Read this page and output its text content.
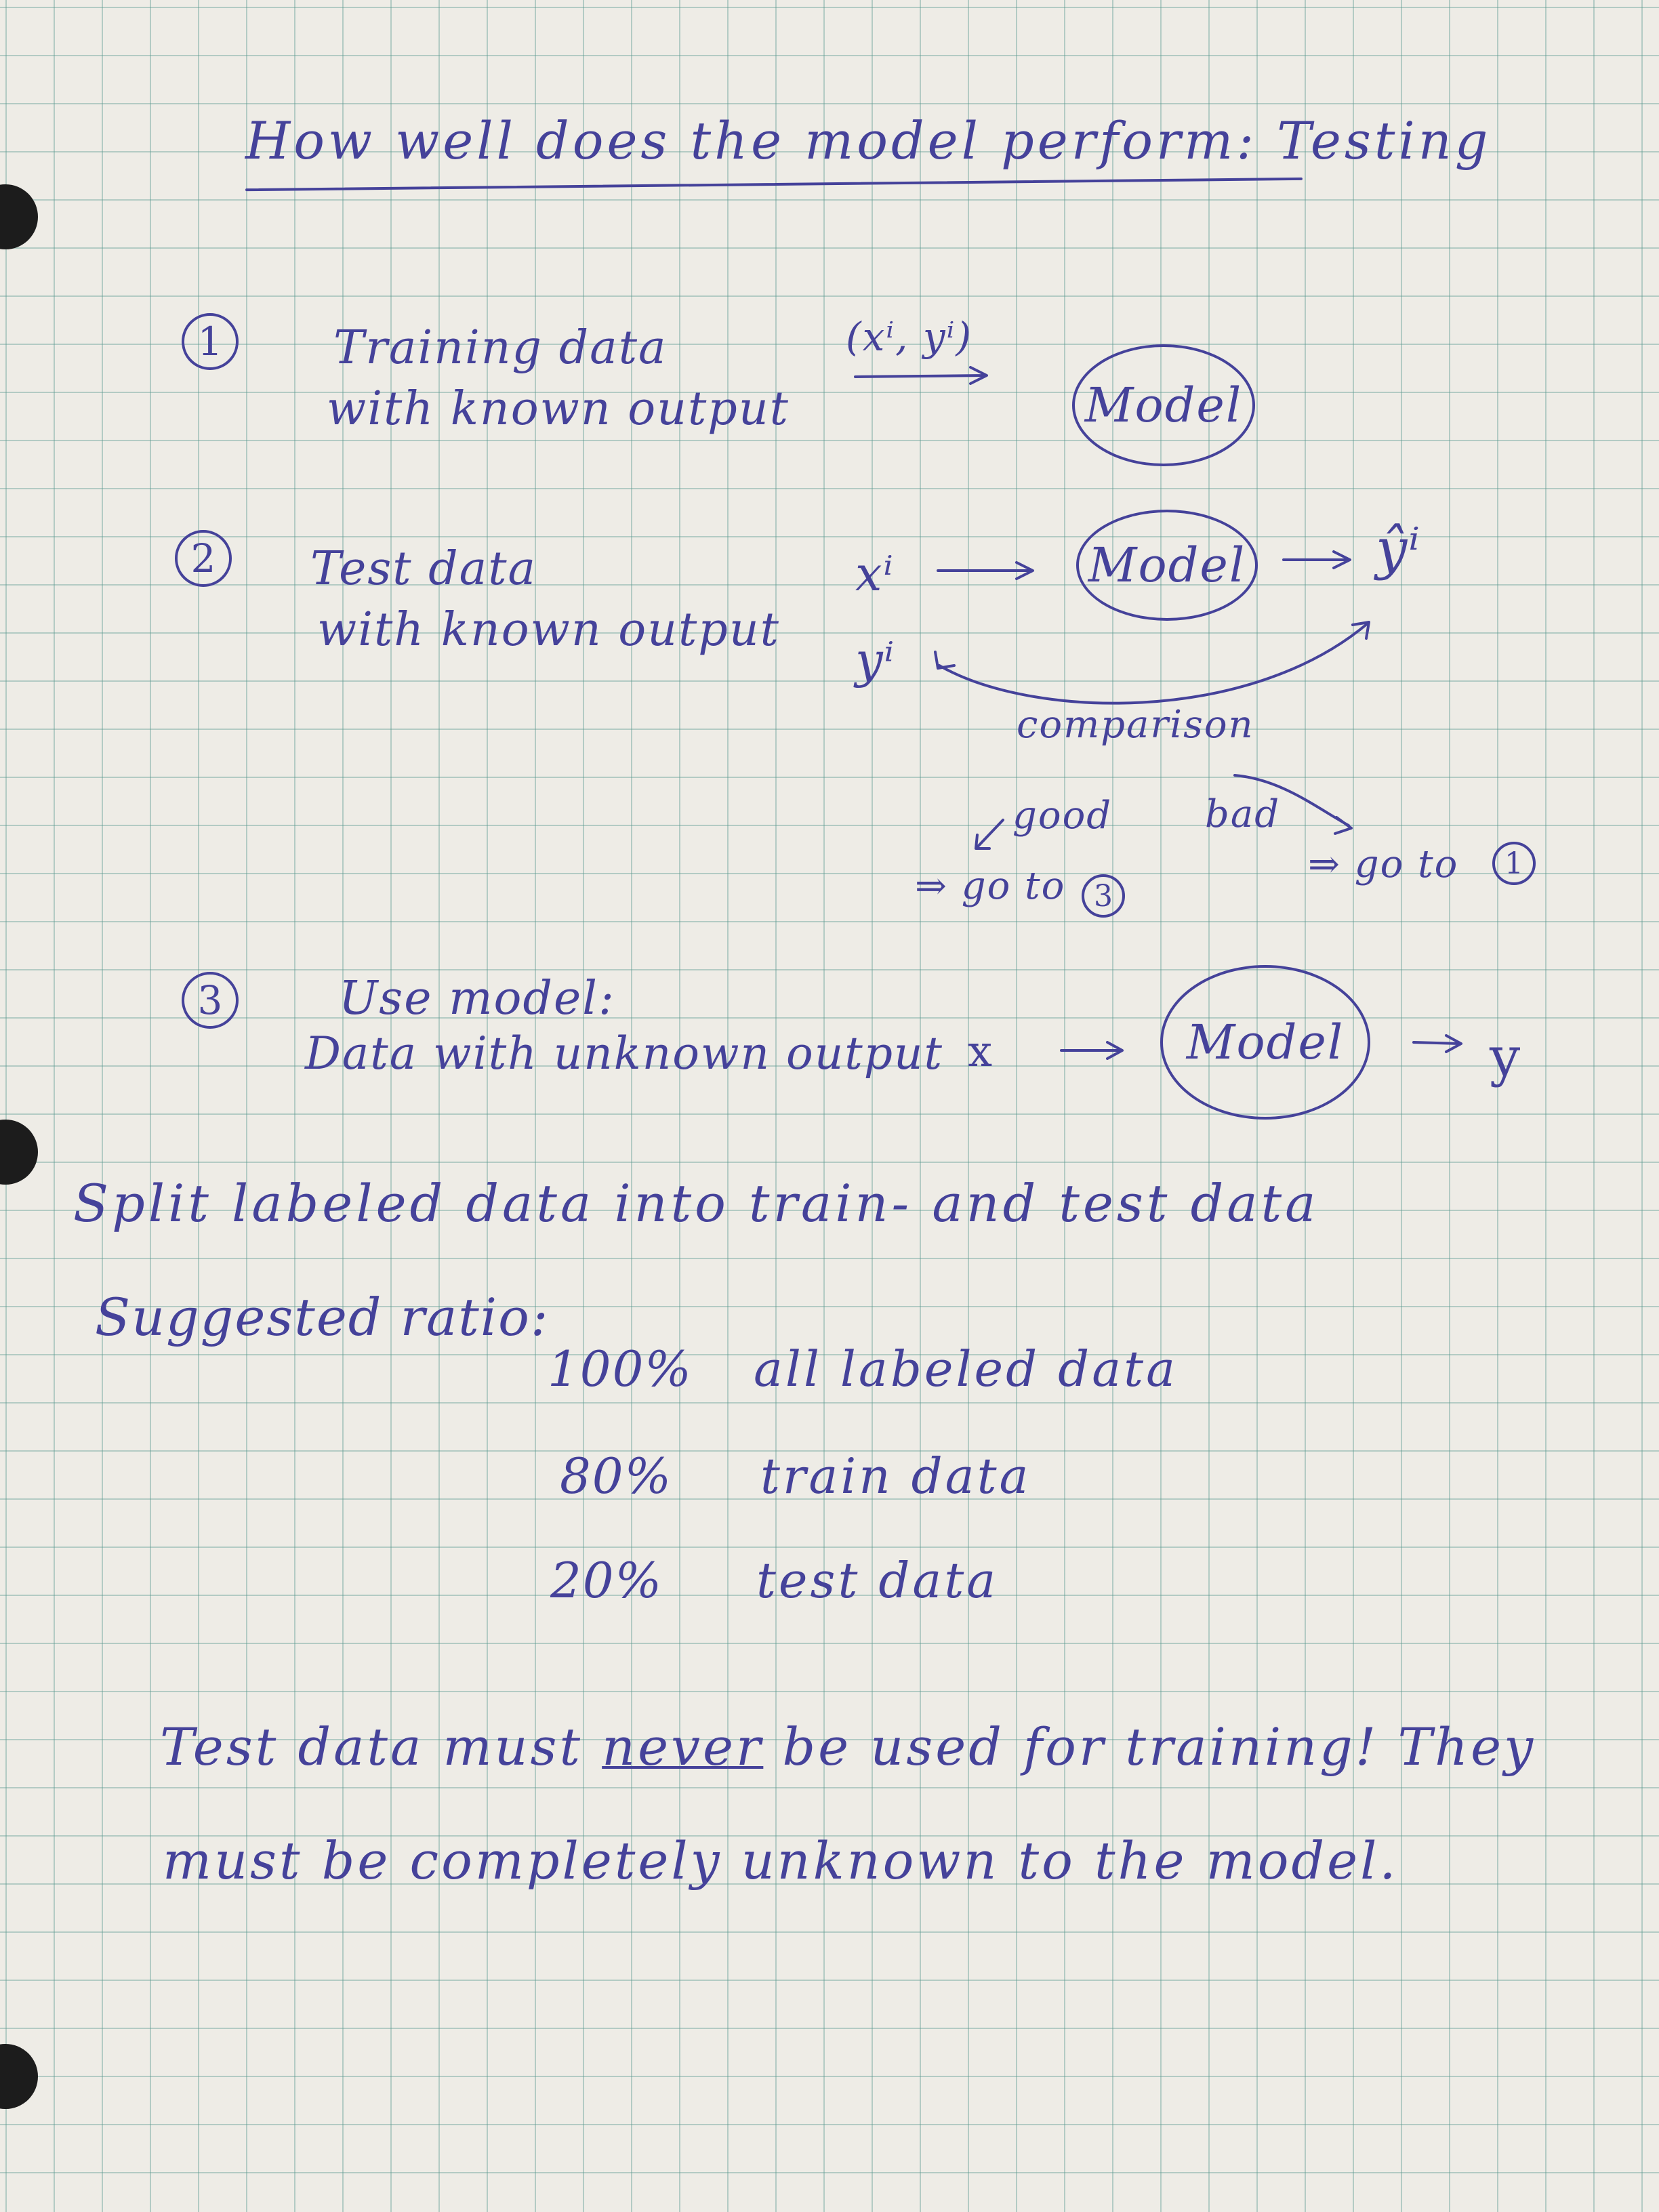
How well does the model perform: Testing
1	Training data
with known output
(xⁱ, yⁱ)
Model
2	Test data
with known output
xⁱ	Model ŷⁱ
yⁱ
comparison
good
⇒ go to 3
bad
⇒ go to	1
3	Use model:
Data with unknown output x	Model	y
Split labeled data into train- and test data
Suggested ratio:
100% all labeled data
80% train data
20% test data
Test data must never be used for training! They
must be completely unknown to the model.
